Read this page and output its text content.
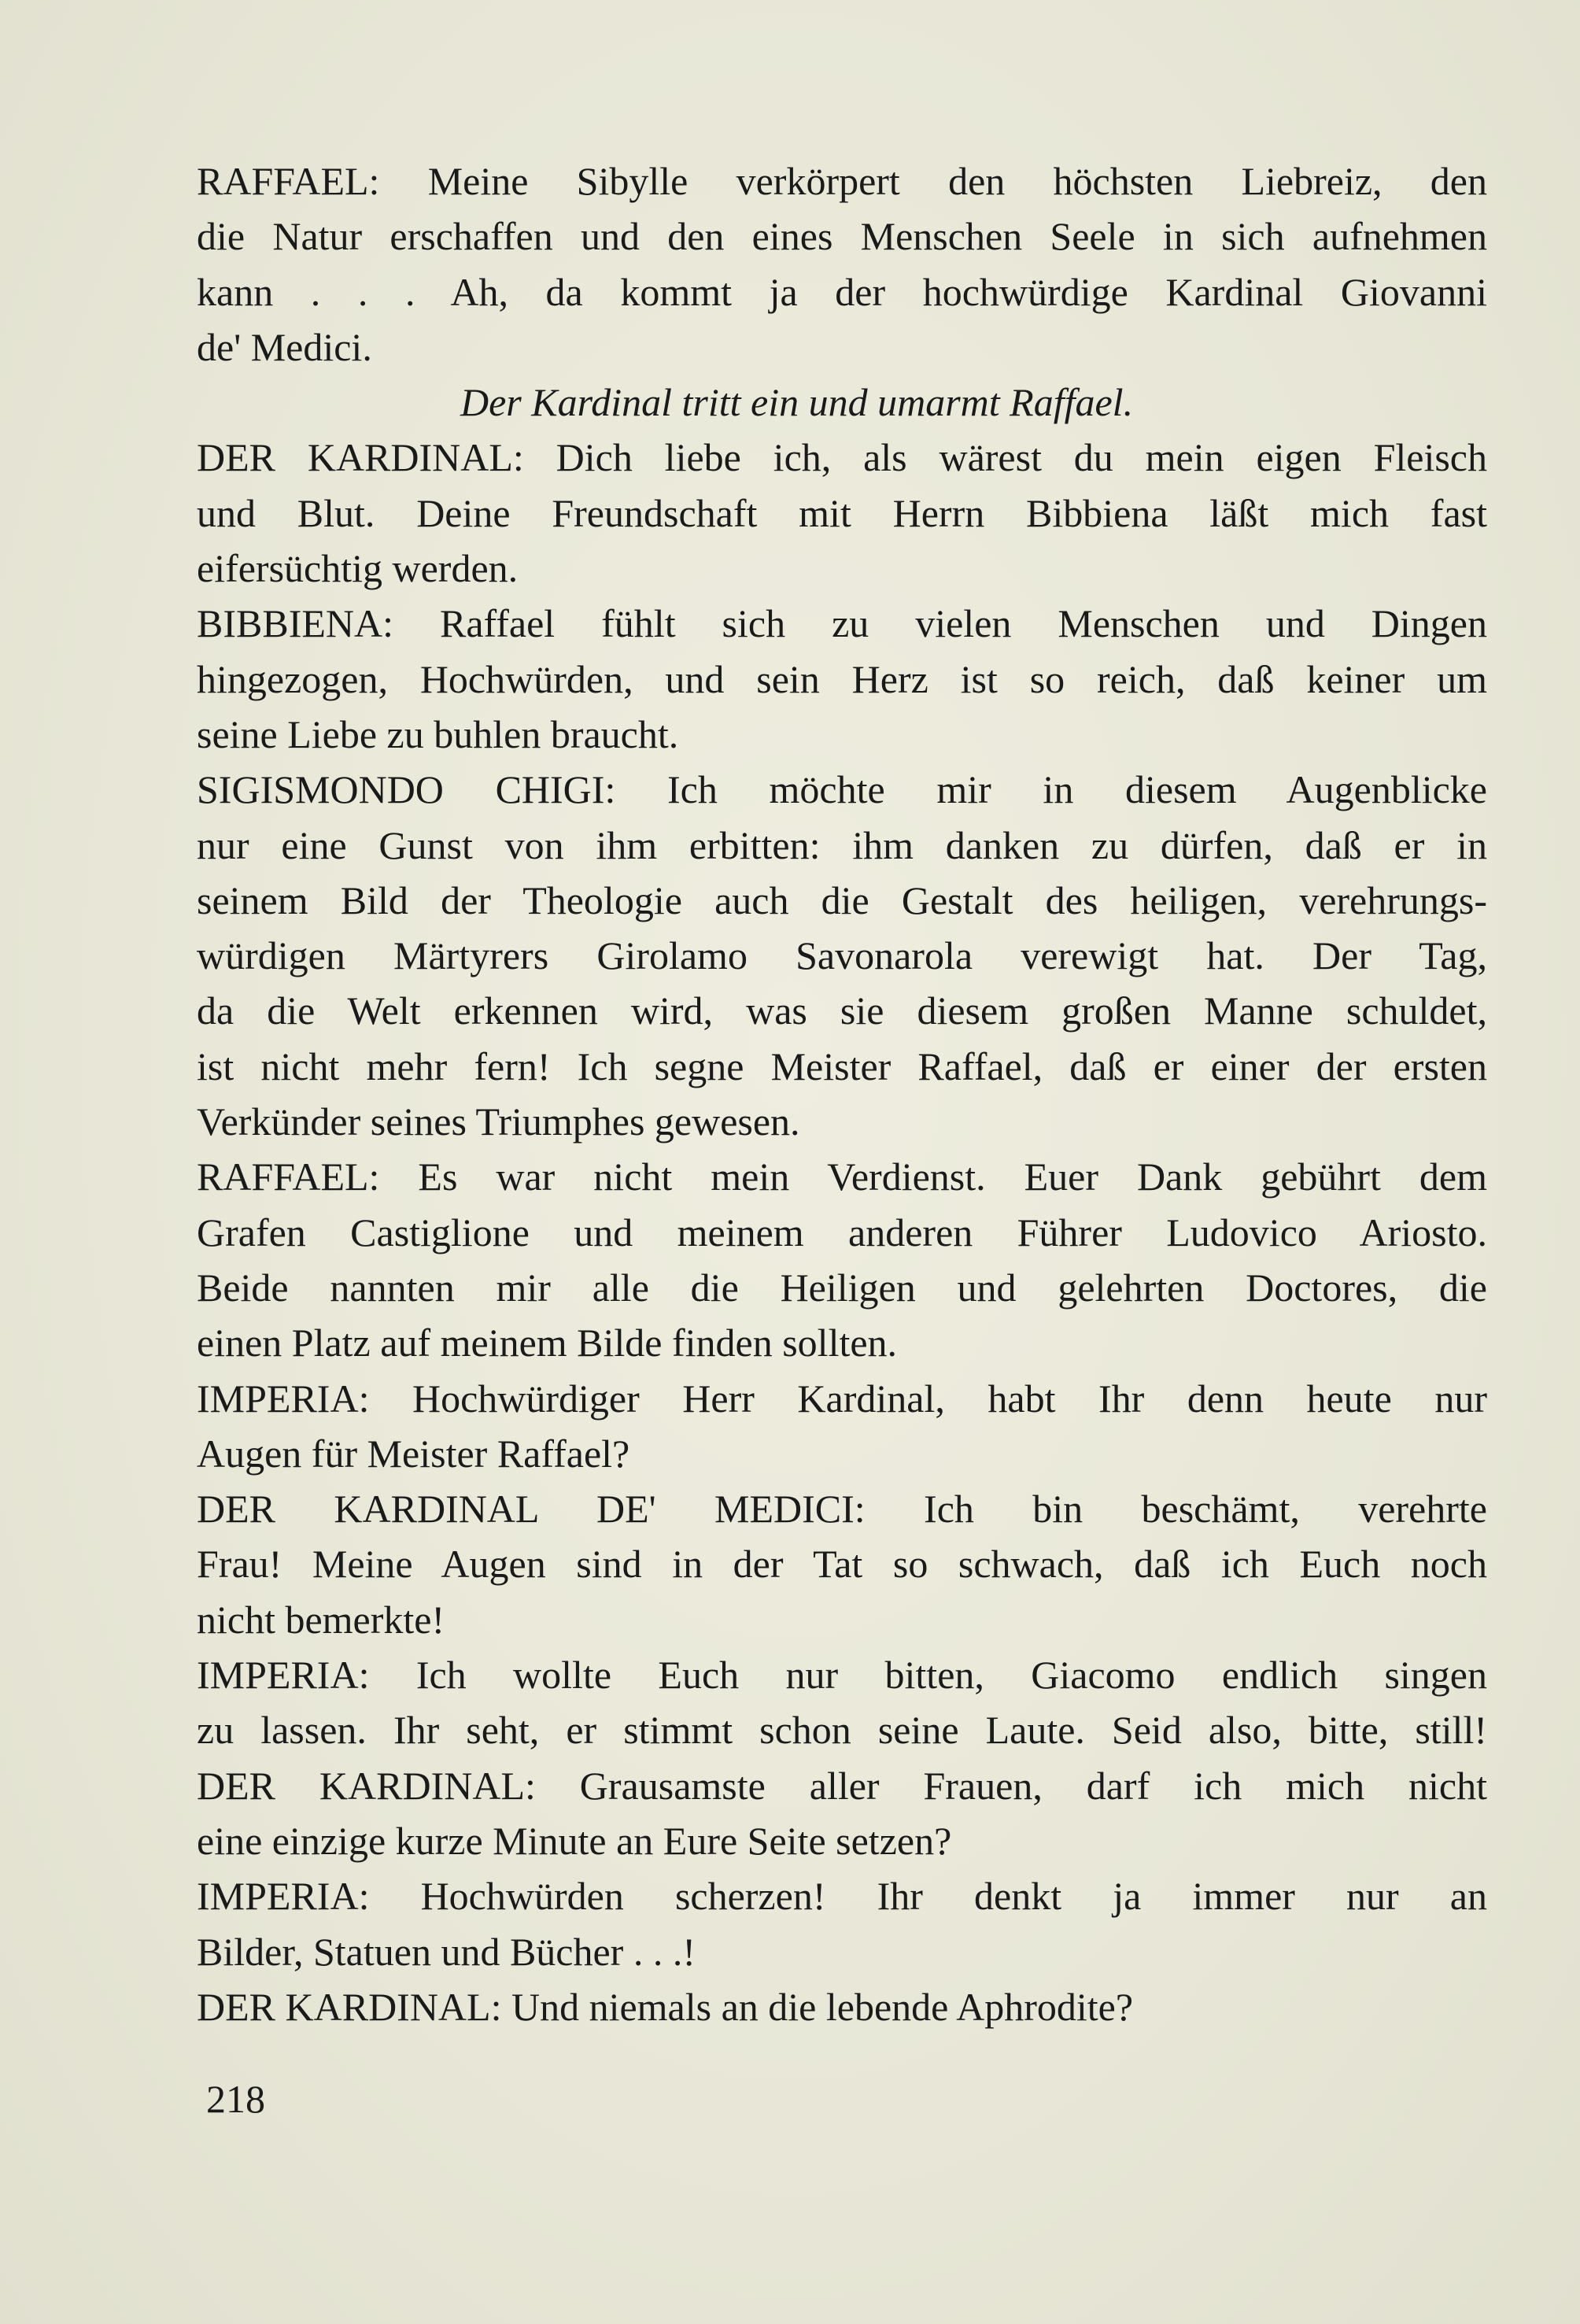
RAFFAEL: Meine Sibylle verkörpert den höchsten Liebreiz, den
die Natur erschaffen und den eines Menschen Seele in sich aufnehmen
kann . . . Ah, da kommt ja der hochwürdige Kardinal Giovanni
de' Medici.
Der Kardinal tritt ein und umarmt Raffael.
DER KARDINAL: Dich liebe ich, als wärest du mein eigen Fleisch
und Blut. Deine Freundschaft mit Herrn Bibbiena läßt mich fast
eifersüchtig werden.
BIBBIENA: Raffael fühlt sich zu vielen Menschen und Dingen
hingezogen, Hochwürden, und sein Herz ist so reich, daß keiner um
seine Liebe zu buhlen braucht.
SIGISMONDO CHIGI: Ich möchte mir in diesem Augenblicke
nur eine Gunst von ihm erbitten: ihm danken zu dürfen, daß er in
seinem Bild der Theologie auch die Gestalt des heiligen, verehrungs-
würdigen Märtyrers Girolamo Savonarola verewigt hat. Der Tag,
da die Welt erkennen wird, was sie diesem großen Manne schuldet,
ist nicht mehr fern! Ich segne Meister Raffael, daß er einer der ersten
Verkünder seines Triumphes gewesen.
RAFFAEL: Es war nicht mein Verdienst. Euer Dank gebührt dem
Grafen Castiglione und meinem anderen Führer Ludovico Ariosto.
Beide nannten mir alle die Heiligen und gelehrten Doctores, die
einen Platz auf meinem Bilde finden sollten.
IMPERIA: Hochwürdiger Herr Kardinal, habt Ihr denn heute nur
Augen für Meister Raffael?
DER KARDINAL DE' MEDICI: Ich bin beschämt, verehrte
Frau! Meine Augen sind in der Tat so schwach, daß ich Euch noch
nicht bemerkte!
IMPERIA: Ich wollte Euch nur bitten, Giacomo endlich singen
zu lassen. Ihr seht, er stimmt schon seine Laute. Seid also, bitte, still!
DER KARDINAL: Grausamste aller Frauen, darf ich mich nicht
eine einzige kurze Minute an Eure Seite setzen?
IMPERIA: Hochwürden scherzen! Ihr denkt ja immer nur an
Bilder, Statuen und Bücher . . .!
DER KARDINAL: Und niemals an die lebende Aphrodite?
218
